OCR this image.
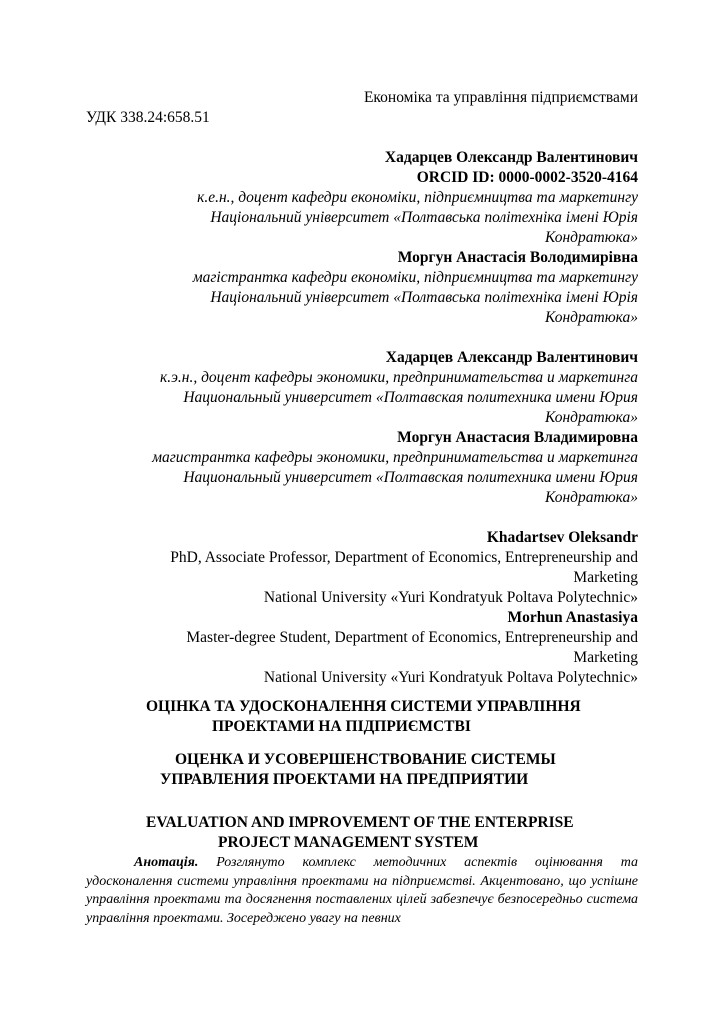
Економіка та управління підприємствами
УДК 338.24:658.51
Хадарцев Олександр Валентинович
ORCID ID: 0000-0002-3520-4164
к.е.н., доцент кафедри економіки, підприємництва та маркетингу
Національний університет «Полтавська політехніка імені Юрія
Кондратюка»
Моргун Анастасія Володимирівна
магістрантка кафедри економіки, підприємництва та маркетингу
Національний університет «Полтавська політехніка імені Юрія
Кондратюка»
Хадарцев Александр Валентинович
к.э.н., доцент кафедры экономики, предпринимательства и маркетинга
Национальный университет «Полтавская политехника имени Юрия
Кондратюка»
Моргун Анастасия Владимировна
магистрантка кафедры экономики, предпринимательства и маркетинга
Национальный университет «Полтавская политехника имени Юрия
Кондратюка»
Khadartsev Oleksandr
PhD, Associate Professor, Department of Economics, Entrepreneurship and
Marketing
National University «Yuri Kondratyuk Poltava Polytechnic»
Morhun Anastasiya
Master-degree Student, Department of Economics, Entrepreneurship and
Marketing
National University «Yuri Kondratyuk Poltava Polytechnic»
ОЦІНКА ТА УДОСКОНАЛЕННЯ СИСТЕМИ УПРАВЛІННЯ
ПРОЕКТАМИ НА ПІДПРИЄМСТВІ
ОЦЕНКА И УСОВЕРШЕНСТВОВАНИЕ СИСТЕМЫ
УПРАВЛЕНИЯ ПРОЕКТАМИ НА ПРЕДПРИЯТИИ
EVALUATION AND IMPROVEMENT OF THE ENTERPRISE
PROJECT MANAGEMENT SYSTEM
Анотація. Розглянуто комплекс методичних аспектів оцінювання та удосконалення системи управління проектами на підприємстві. Акцентовано, що успішне управління проектами та досягнення поставлених цілей забезпечує безпосередньо система управління проектами. Зосереджено увагу на певних
